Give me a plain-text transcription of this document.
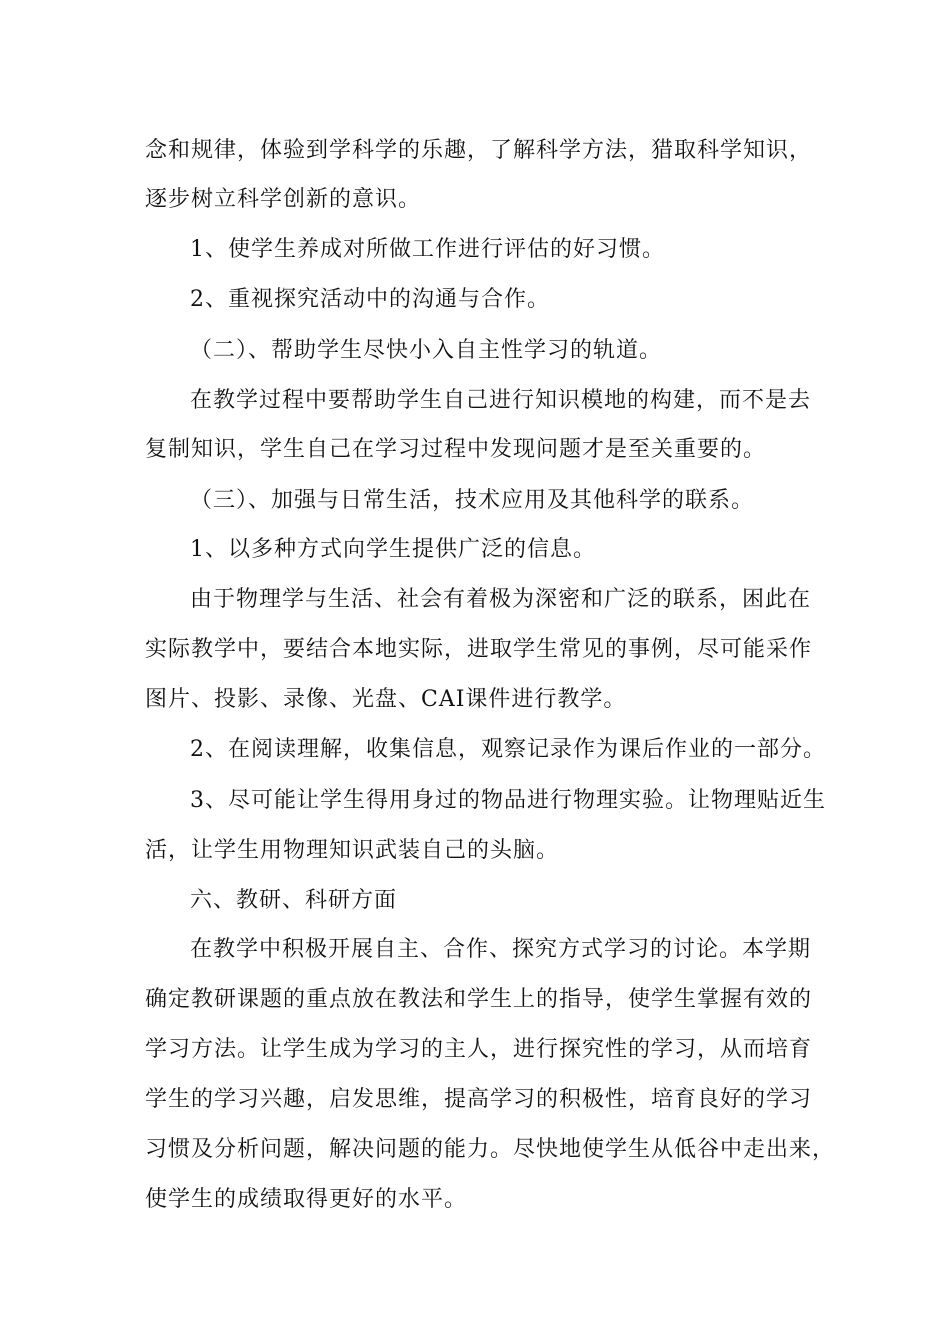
念和规律，体验到学科学的乐趣，了解科学方法，猎取科学知识，
逐步树立科学创新的意识。
1、使学生养成对所做工作进行评估的好习惯。
2、重视探究活动中的沟通与合作。
（二）、帮助学生尽快小入自主性学习的轨道。
在教学过程中要帮助学生自己进行知识模地的构建，而不是去
复制知识，学生自己在学习过程中发现问题才是至关重要的。
（三）、加强与日常生活，技术应用及其他科学的联系。
1、以多种方式向学生提供广泛的信息。
由于物理学与生活、社会有着极为深密和广泛的联系，困此在
实际教学中，要结合本地实际，进取学生常见的事例，尽可能采作
图片、投影、录像、光盘、CAI课件进行教学。
2、在阅读理解，收集信息，观察记录作为课后作业的一部分。
3、尽可能让学生得用身过的物品进行物理实验。让物理贴近生
活，让学生用物理知识武装自己的头脑。
六、教研、科研方面
在教学中积极开展自主、合作、探究方式学习的讨论。本学期
确定教研课题的重点放在教法和学生上的指导，使学生掌握有效的
学习方法。让学生成为学习的主人，进行探究性的学习，从而培育
学生的学习兴趣，启发思维，提高学习的积极性，培育良好的学习
习惯及分析问题，解决问题的能力。尽快地使学生从低谷中走出来，
使学生的成绩取得更好的水平。
